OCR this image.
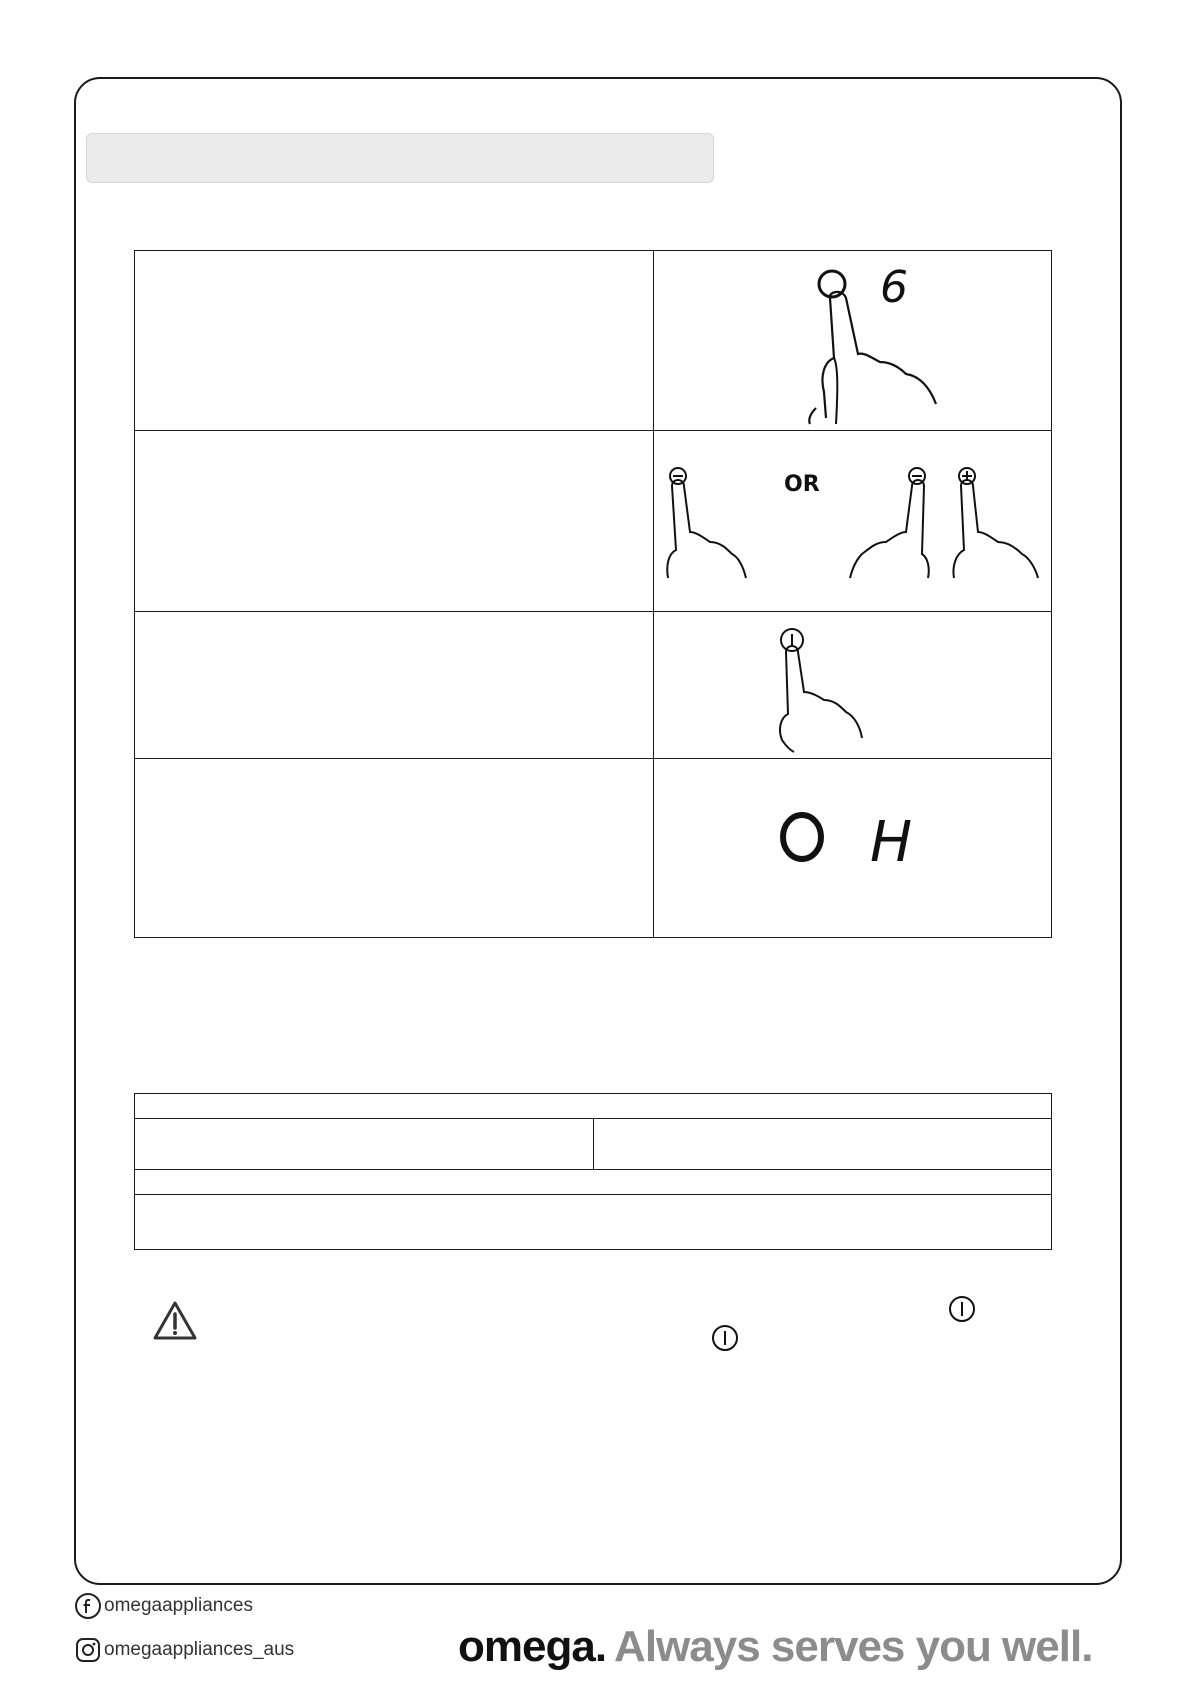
6
OR
H
omegaappliances
omegaappliances_aus	omega. Always serves you well.
